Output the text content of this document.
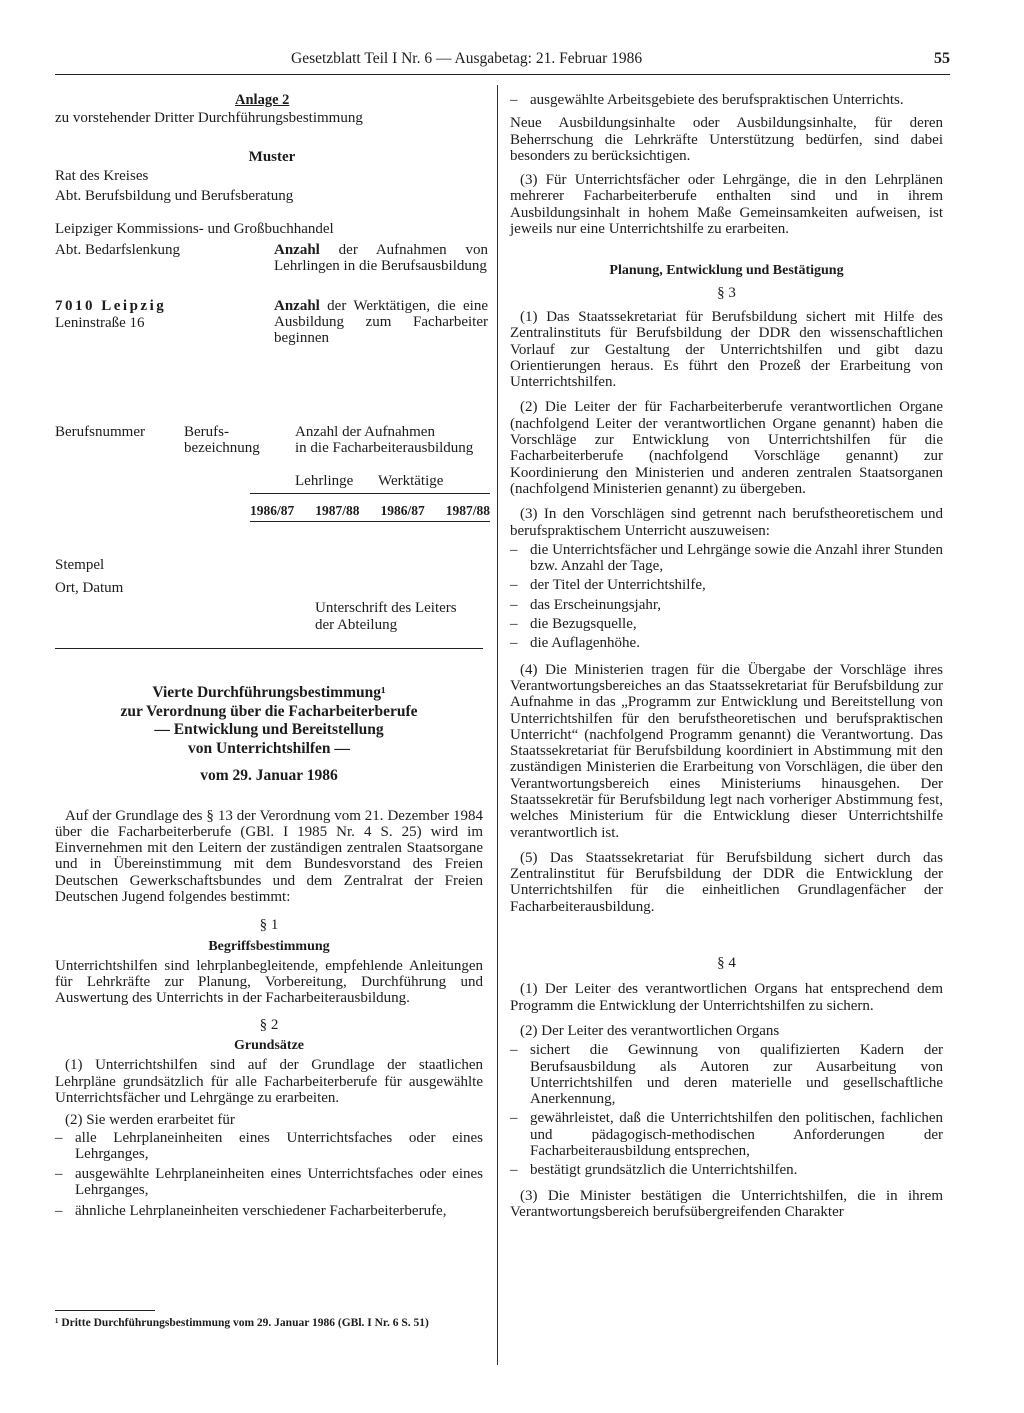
Gesetzblatt Teil I Nr. 6 — Ausgabetag: 21. Februar 1986	55
Anlage 2
zu vorstehender Dritter Durchführungsbestimmung
Muster
Rat des Kreises
Abt. Berufsbildung und Berufsberatung
Leipziger Kommissions- und Großbuchhandel
Abt. Bedarfslenkung	Anzahl der Aufnahmen von Lehrlingen in die Berufsausbildung
7010 Leipzig
Leninstraße 16
Anzahl der Werktätigen, die eine Ausbildung zum Facharbeiter beginnen
Berufsnummer	Berufs-
bezeichnung
Anzahl der Aufnahmen
in die Facharbeiterausbildung
Lehrlinge Werktätige
1986/87 1987/88 1986/87 1987/88
Stempel
Ort, Datum
Unterschrift des Leiters
der Abteilung
Vierte Durchführungsbestimmung¹
zur Verordnung über die Facharbeiterberufe
— Entwicklung und Bereitstellung
von Unterrichtshilfen —
vom 29. Januar 1986

Auf der Grundlage des § 13 der Verordnung vom 21. Dezember 1984 über die Facharbeiterberufe (GBl. I 1985 Nr. 4 S. 25) wird im Einvernehmen mit den Leitern der zuständigen zentralen Staatsorgane und in Übereinstimmung mit dem Bundesvorstand des Freien Deutschen Gewerkschaftsbundes und dem Zentralrat der Freien Deutschen Jugend folgendes bestimmt:

§ 1
Begriffsbestimmung

Unterrichtshilfen sind lehrplanbegleitende, empfehlende Anleitungen für Lehrkräfte zur Planung, Vorbereitung, Durchführung und Auswertung des Unterrichts in der Facharbeiterausbildung.

§ 2
Grundsätze

(1) Unterrichtshilfen sind auf der Grundlage der staatlichen Lehrpläne grundsätzlich für alle Facharbeiterberufe für ausgewählte Unterrichtsfächer und Lehrgänge zu erarbeiten.

(2) Sie werden erarbeitet für

– alle Lehrplaneinheiten eines Unterrichtsfaches oder eines Lehrganges,
– ausgewählte Lehrplaneinheiten eines Unterrichtsfaches oder eines Lehrganges,
– ähnliche Lehrplaneinheiten verschiedener Facharbeiterberufe,
¹ Dritte Durchführungsbestimmung vom 29. Januar 1986 (GBl. I Nr. 6 S. 51)
– ausgewählte Arbeitsgebiete des berufspraktischen Unterrichts.

Neue Ausbildungsinhalte oder Ausbildungsinhalte, für deren Beherrschung die Lehrkräfte Unterstützung bedürfen, sind dabei besonders zu berücksichtigen.

(3) Für Unterrichtsfächer oder Lehrgänge, die in den Lehrplänen mehrerer Facharbeiterberufe enthalten sind und in ihrem Ausbildungsinhalt in hohem Maße Gemeinsamkeiten aufweisen, ist jeweils nur eine Unterrichtshilfe zu erarbeiten.

Planung, Entwicklung und Bestätigung
§ 3

(1) Das Staatssekretariat für Berufsbildung sichert mit Hilfe des Zentralinstituts für Berufsbildung der DDR den wissenschaftlichen Vorlauf zur Gestaltung der Unterrichtshilfen und gibt dazu Orientierungen heraus. Es führt den Prozeß der Erarbeitung von Unterrichtshilfen.

(2) Die Leiter der für Facharbeiterberufe verantwortlichen Organe (nachfolgend Leiter der verantwortlichen Organe genannt) haben die Vorschläge zur Entwicklung von Unterrichtshilfen für die Facharbeiterberufe (nachfolgend Vorschläge genannt) zur Koordinierung den Ministerien und anderen zentralen Staatsorganen (nachfolgend Ministerien genannt) zu übergeben.

(3) In den Vorschlägen sind getrennt nach berufstheoretischem und berufspraktischem Unterricht auszuweisen:

– die Unterrichtsfächer und Lehrgänge sowie die Anzahl ihrer Stunden bzw. Anzahl der Tage,
– der Titel der Unterrichtshilfe,
– das Erscheinungsjahr,
– die Bezugsquelle,
– die Auflagenhöhe.

(4) Die Ministerien tragen für die Übergabe der Vorschläge ihres Verantwortungsbereiches an das Staatssekretariat für Berufsbildung zur Aufnahme in das „Programm zur Entwicklung und Bereitstellung von Unterrichtshilfen für den berufstheoretischen und berufspraktischen Unterricht“ (nachfolgend Programm genannt) die Verantwortung. Das Staatssekretariat für Berufsbildung koordiniert in Abstimmung mit den zuständigen Ministerien die Erarbeitung von Vorschlägen, die über den Verantwortungsbereich eines Ministeriums hinausgehen. Der Staatssekretär für Berufsbildung legt nach vorheriger Abstimmung fest, welches Ministerium für die Entwicklung dieser Unterrichtshilfe verantwortlich ist.

(5) Das Staatssekretariat für Berufsbildung sichert durch das Zentralinstitut für Berufsbildung der DDR die Entwicklung der Unterrichtshilfen für die einheitlichen Grundlagenfächer der Facharbeiterausbildung.

§ 4

(1) Der Leiter des verantwortlichen Organs hat entsprechend dem Programm die Entwicklung der Unterrichtshilfen zu sichern.

(2) Der Leiter des verantwortlichen Organs

– sichert die Gewinnung von qualifizierten Kadern der Berufsausbildung als Autoren zur Ausarbeitung von Unterrichtshilfen und deren materielle und gesellschaftliche Anerkennung,
– gewährleistet, daß die Unterrichtshilfen den politischen, fachlichen und pädagogisch-methodischen Anforderungen der Facharbeiterausbildung entsprechen,
– bestätigt grundsätzlich die Unterrichtshilfen.

(3) Die Minister bestätigen die Unterrichtshilfen, die in ihrem Verantwortungsbereich berufsübergreifenden Charakter
